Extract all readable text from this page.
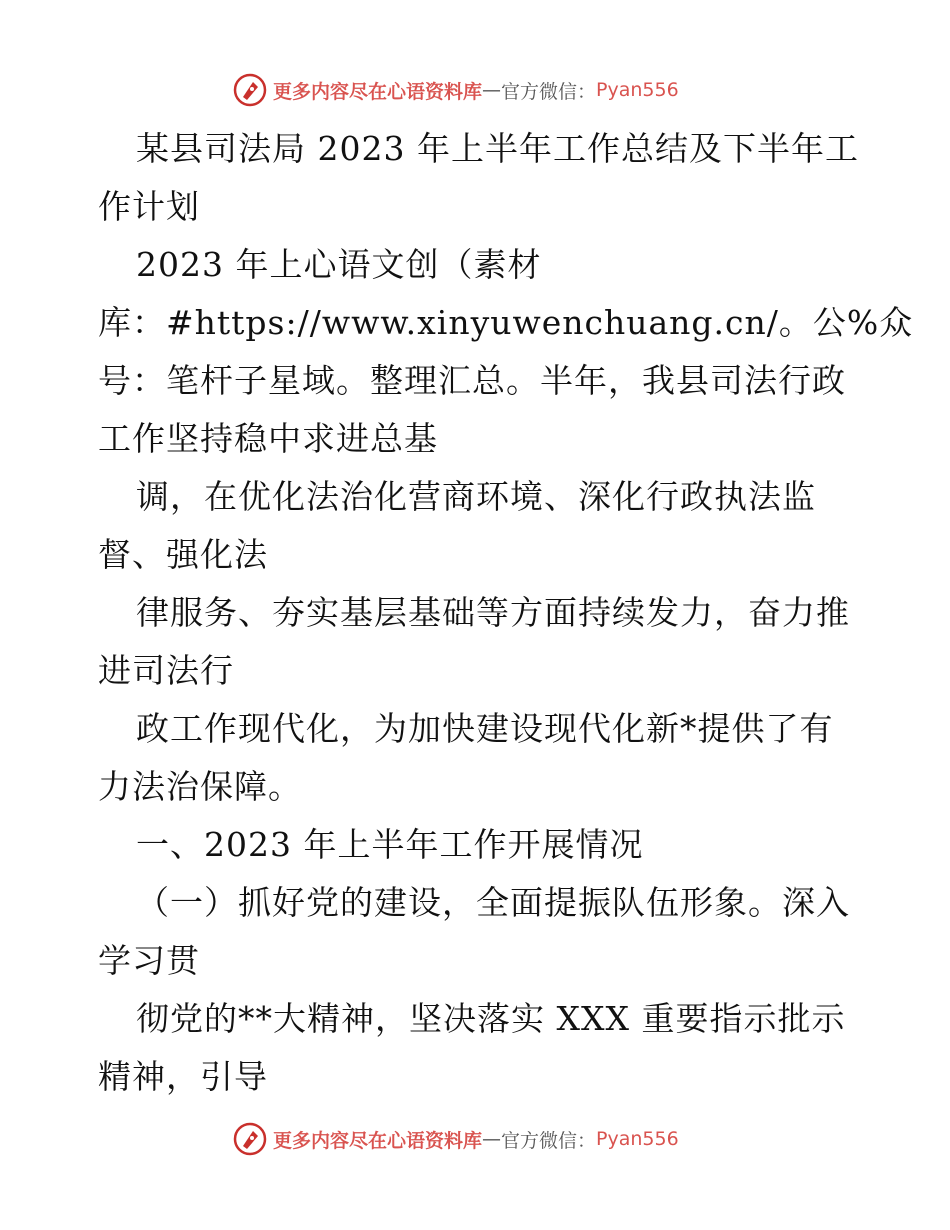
更多内容尽在心语资料库 — 官方微信： Pyan556

某县司法局 2023 年上半年工作总结及下半年工

作计划

2023 年上心语文创（素材

库：#https://www.xinyuwenchuang.cn/。公%众

号：笔杆子星域。整理汇总。半年，我县司法行政

工作坚持稳中求进总基

调，在优化法治化营商环境、深化行政执法监

督、强化法

律服务、夯实基层基础等方面持续发力，奋力推

进司法行

政工作现代化，为加快建设现代化新*提供了有

力法治保障。

一、2023 年上半年工作开展情况

（一）抓好党的建设，全面提振队伍形象。深入

学习贯

彻党的**大精神，坚决落实 XXX 重要指示批示

精神，引导

更多内容尽在心语资料库 — 官方微信： Pyan556
